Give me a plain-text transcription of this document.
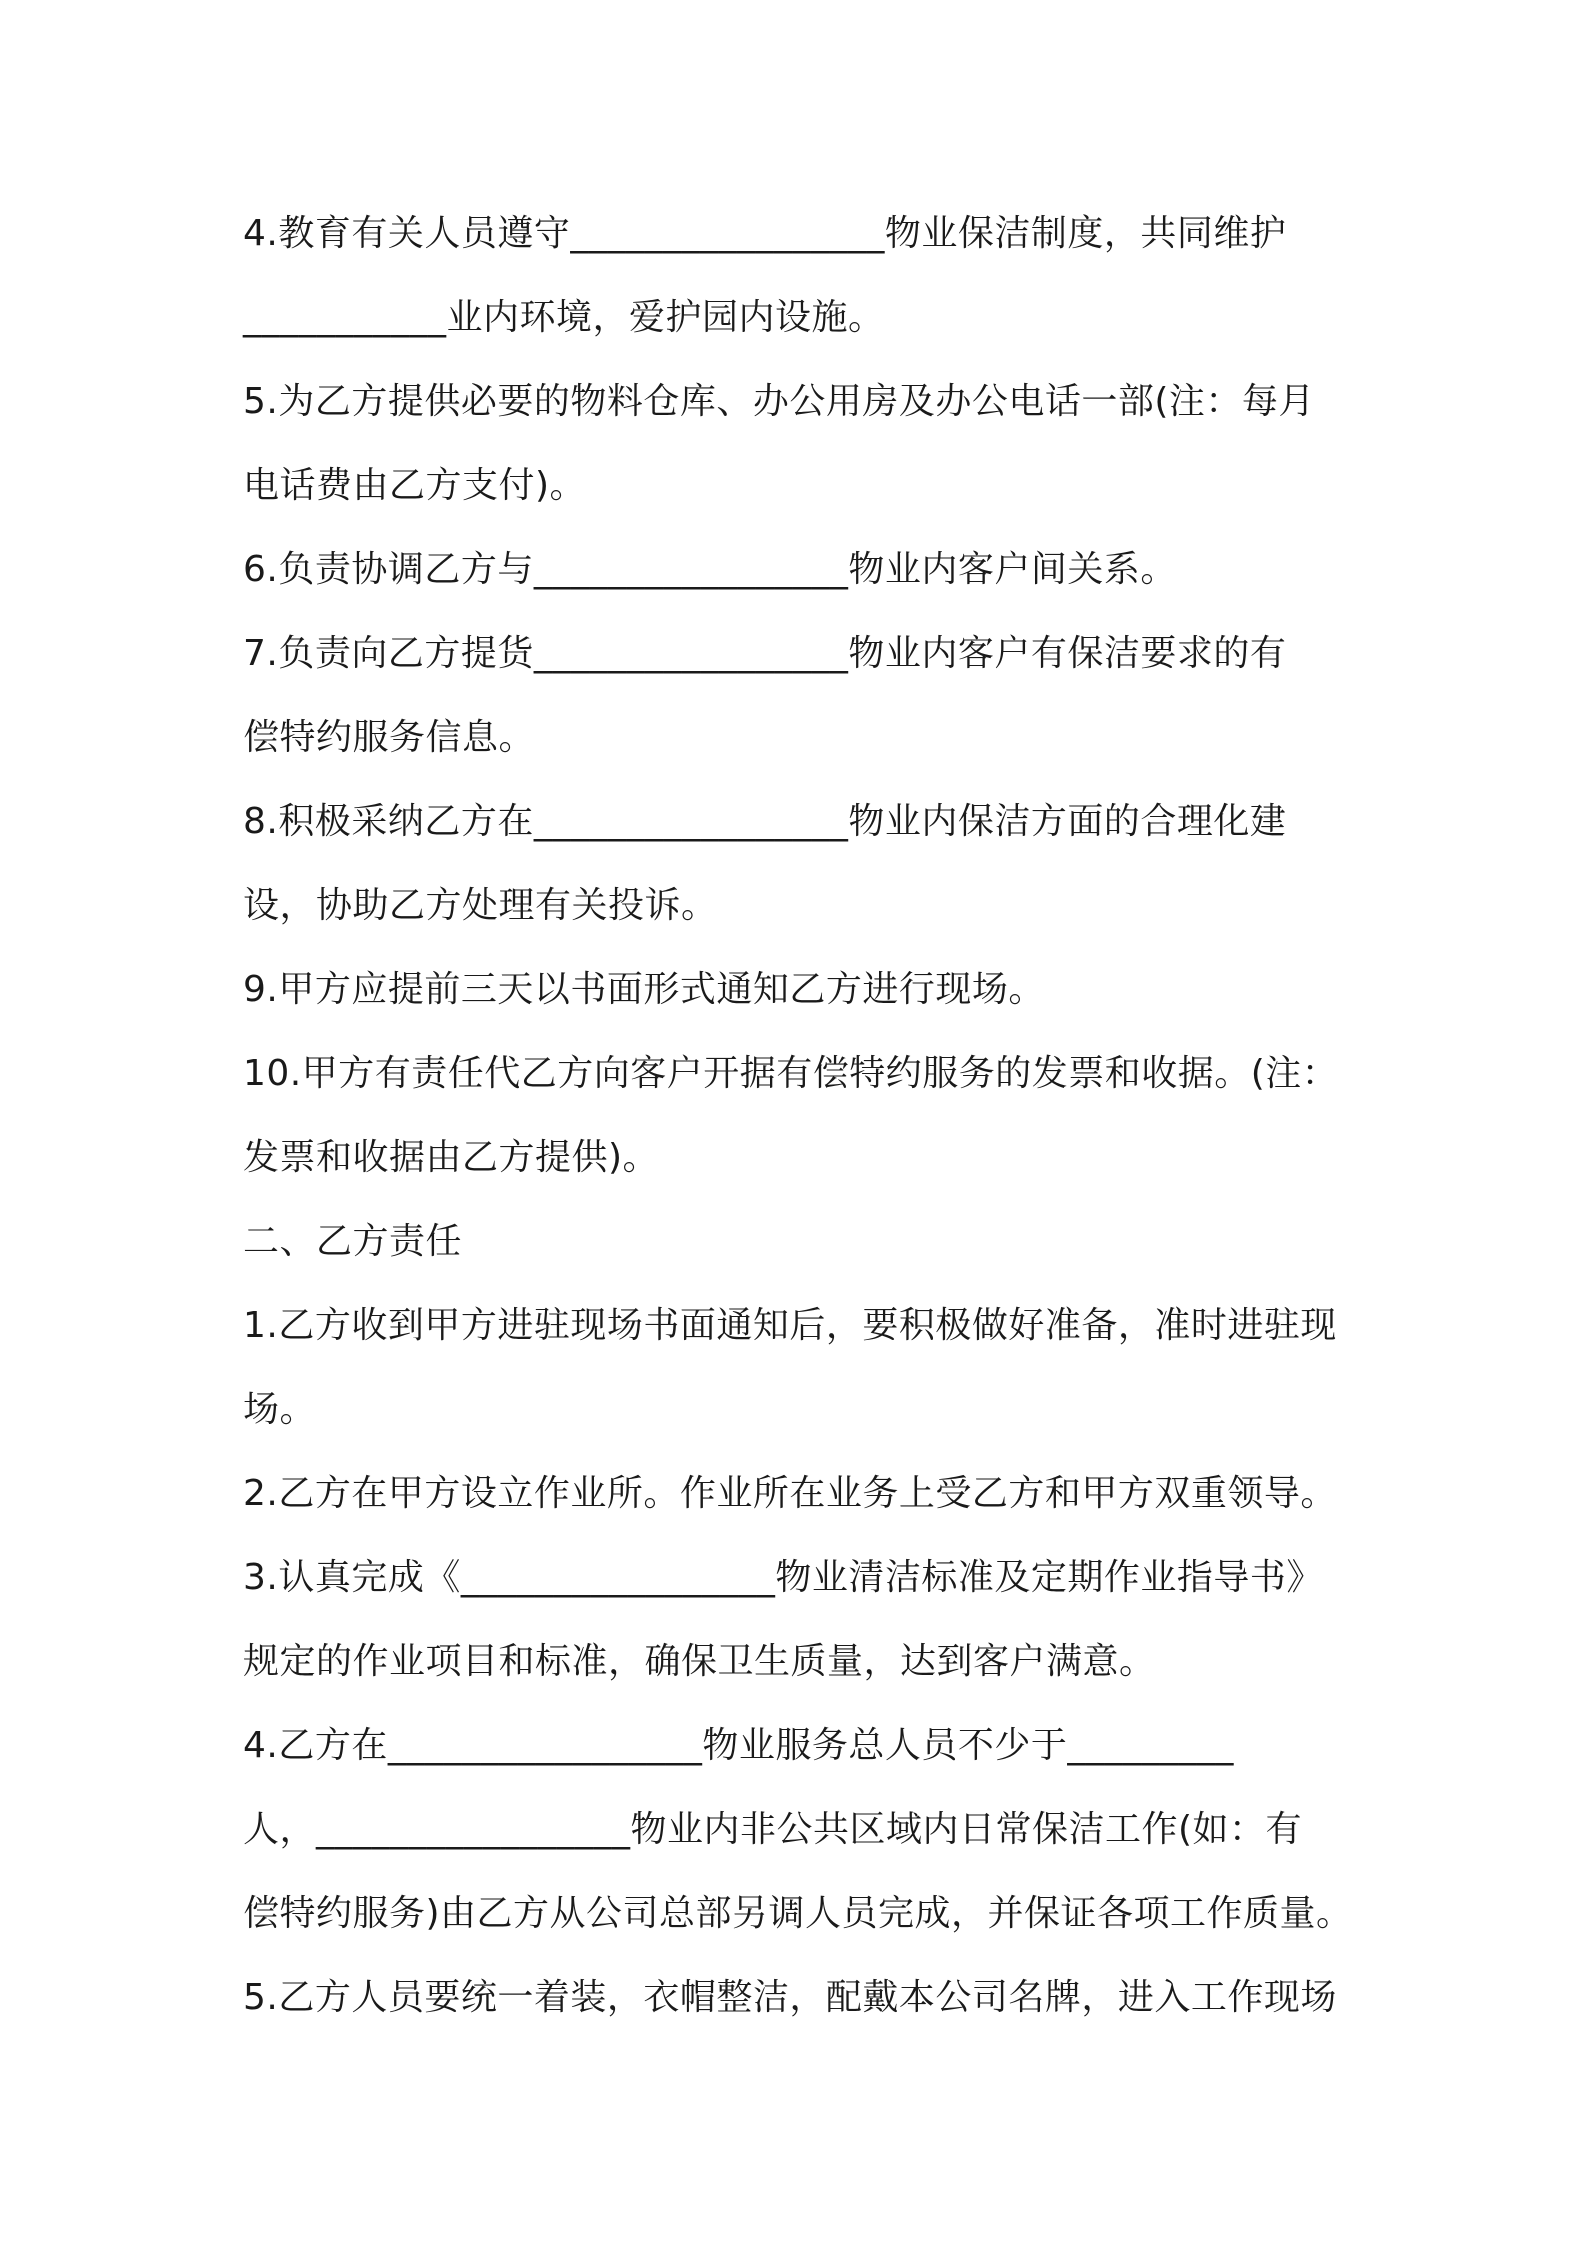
4.教育有关人员遵守_________________物业保洁制度，共同维护
___________业内环境，爱护园内设施。
5.为乙方提供必要的物料仓库、办公用房及办公电话一部(注：每月
电话费由乙方支付)。
6.负责协调乙方与_________________物业内客户间关系。
7.负责向乙方提货_________________物业内客户有保洁要求的有
偿特约服务信息。
8.积极采纳乙方在_________________物业内保洁方面的合理化建
设，协助乙方处理有关投诉。
9.甲方应提前三天以书面形式通知乙方进行现场。
10.甲方有责任代乙方向客户开据有偿特约服务的发票和收据。(注：
发票和收据由乙方提供)。
二、乙方责任
1.乙方收到甲方进驻现场书面通知后，要积极做好准备，准时进驻现
场。
2.乙方在甲方设立作业所。作业所在业务上受乙方和甲方双重领导。
3.认真完成《_________________物业清洁标准及定期作业指导书》
规定的作业项目和标准，确保卫生质量，达到客户满意。
4.乙方在_________________物业服务总人员不少于_________
人，_________________物业内非公共区域内日常保洁工作(如：有
偿特约服务)由乙方从公司总部另调人员完成，并保证各项工作质量。
5.乙方人员要统一着装，衣帽整洁，配戴本公司名牌，进入工作现场
